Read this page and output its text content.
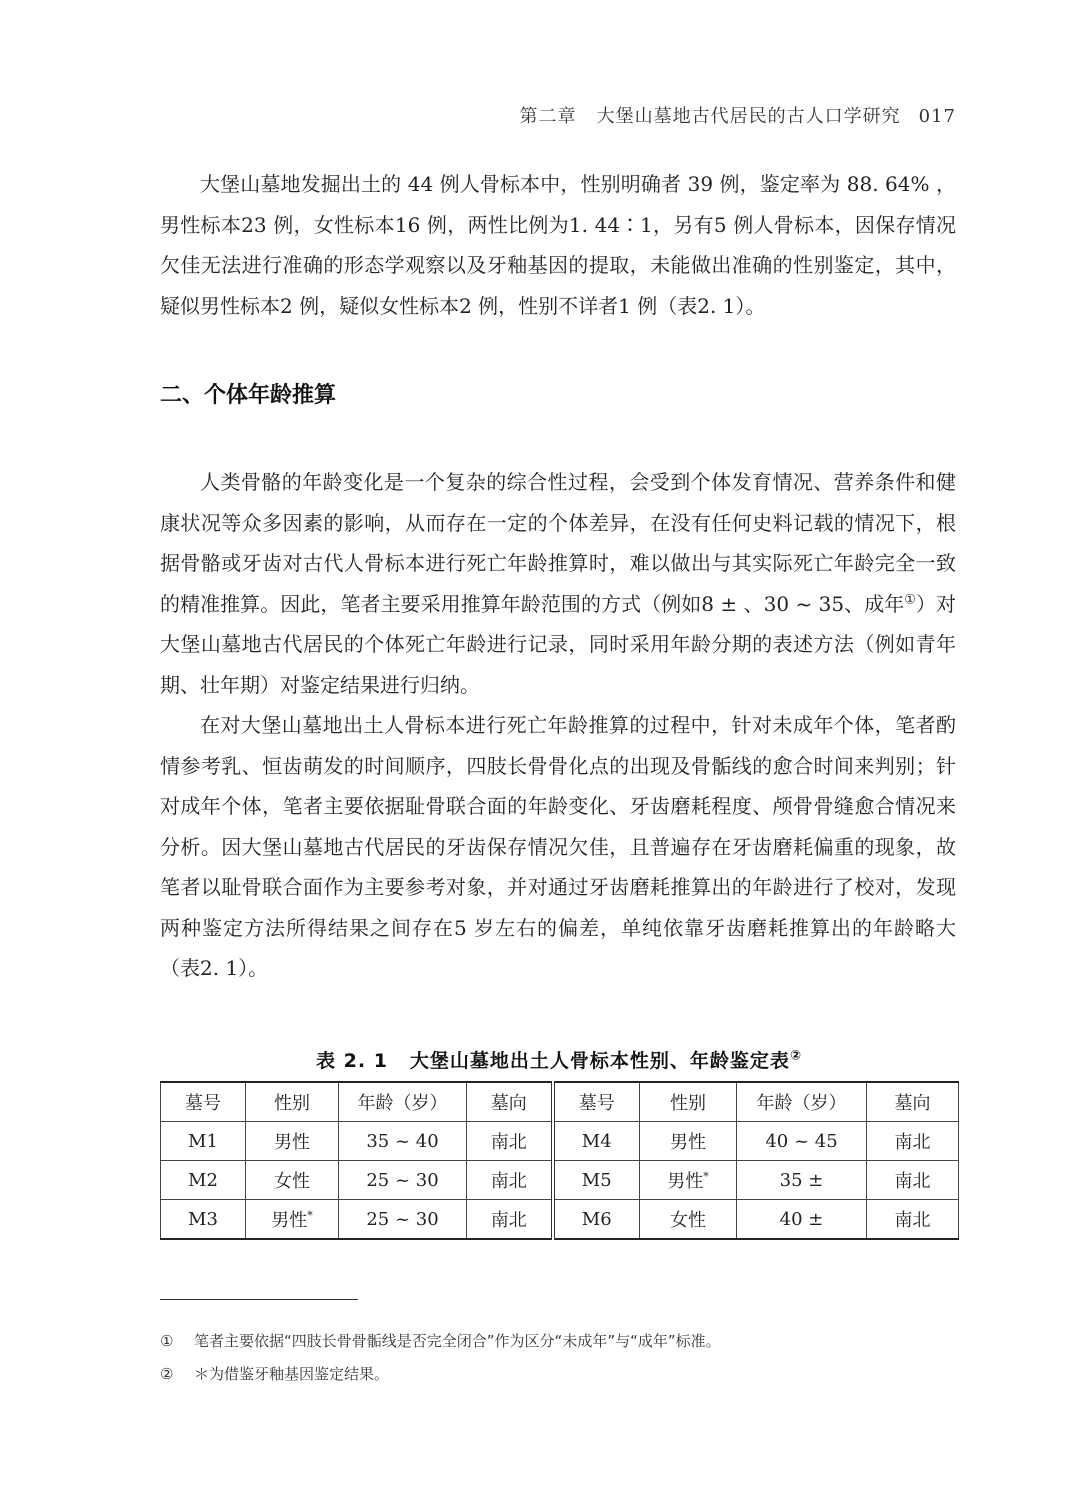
第二章 大堡山墓地古代居民的古人口学研究 017

大堡山墓地发掘出土的 44 例人骨标本中，性别明确者 39 例，鉴定率为 88. 64% ，男性标本23 例，女性标本16 例，两性比例为1. 44∶1，另有5 例人骨标本，因保存情况欠佳无法进行准确的形态学观察以及牙釉基因的提取，未能做出准确的性别鉴定，其中，疑似男性标本2 例，疑似女性标本2 例，性别不详者1 例（表2. 1）。

二、个体年龄推算

人类骨骼的年龄变化是一个复杂的综合性过程，会受到个体发育情况、营养条件和健康状况等众多因素的影响，从而存在一定的个体差异，在没有任何史料记载的情况下，根据骨骼或牙齿对古代人骨标本进行死亡年龄推算时，难以做出与其实际死亡年龄完全一致的精准推算。因此，笔者主要采用推算年龄范围的方式（例如8 ± 、30 ~ 35、成年①）对大堡山墓地古代居民的个体死亡年龄进行记录，同时采用年龄分期的表述方法（例如青年期、壮年期）对鉴定结果进行归纳。

在对大堡山墓地出土人骨标本进行死亡年龄推算的过程中，针对未成年个体，笔者酌情参考乳、恒齿萌发的时间顺序，四肢长骨骨化点的出现及骨骺线的愈合时间来判别；针对成年个体，笔者主要依据耻骨联合面的年龄变化、牙齿磨耗程度、颅骨骨缝愈合情况来分析。因大堡山墓地古代居民的牙齿保存情况欠佳，且普遍存在牙齿磨耗偏重的现象，故笔者以耻骨联合面作为主要参考对象，并对通过牙齿磨耗推算出的年龄进行了校对，发现两种鉴定方法所得结果之间存在5 岁左右的偏差，单纯依靠牙齿磨耗推算出的年龄略大（表2. 1）。

表 2. 1 大堡山墓地出土人骨标本性别、年龄鉴定表②
墓号	性别	年龄（岁）	墓向	墓号	性别	年龄（岁）	墓向
M1	男性	35 ~ 40	南北	M4	男性	40 ~ 45	南北
M2	女性	25 ~ 30	南北	M5	男性*	35 ±	南北
M3	男性*	25 ~ 30	南北	M6	女性	40 ±	南北
① 笔者主要依据“四肢长骨骨骺线是否完全闭合”作为区分“未成年”与“成年”标准。
② ＊为借鉴牙釉基因鉴定结果。
